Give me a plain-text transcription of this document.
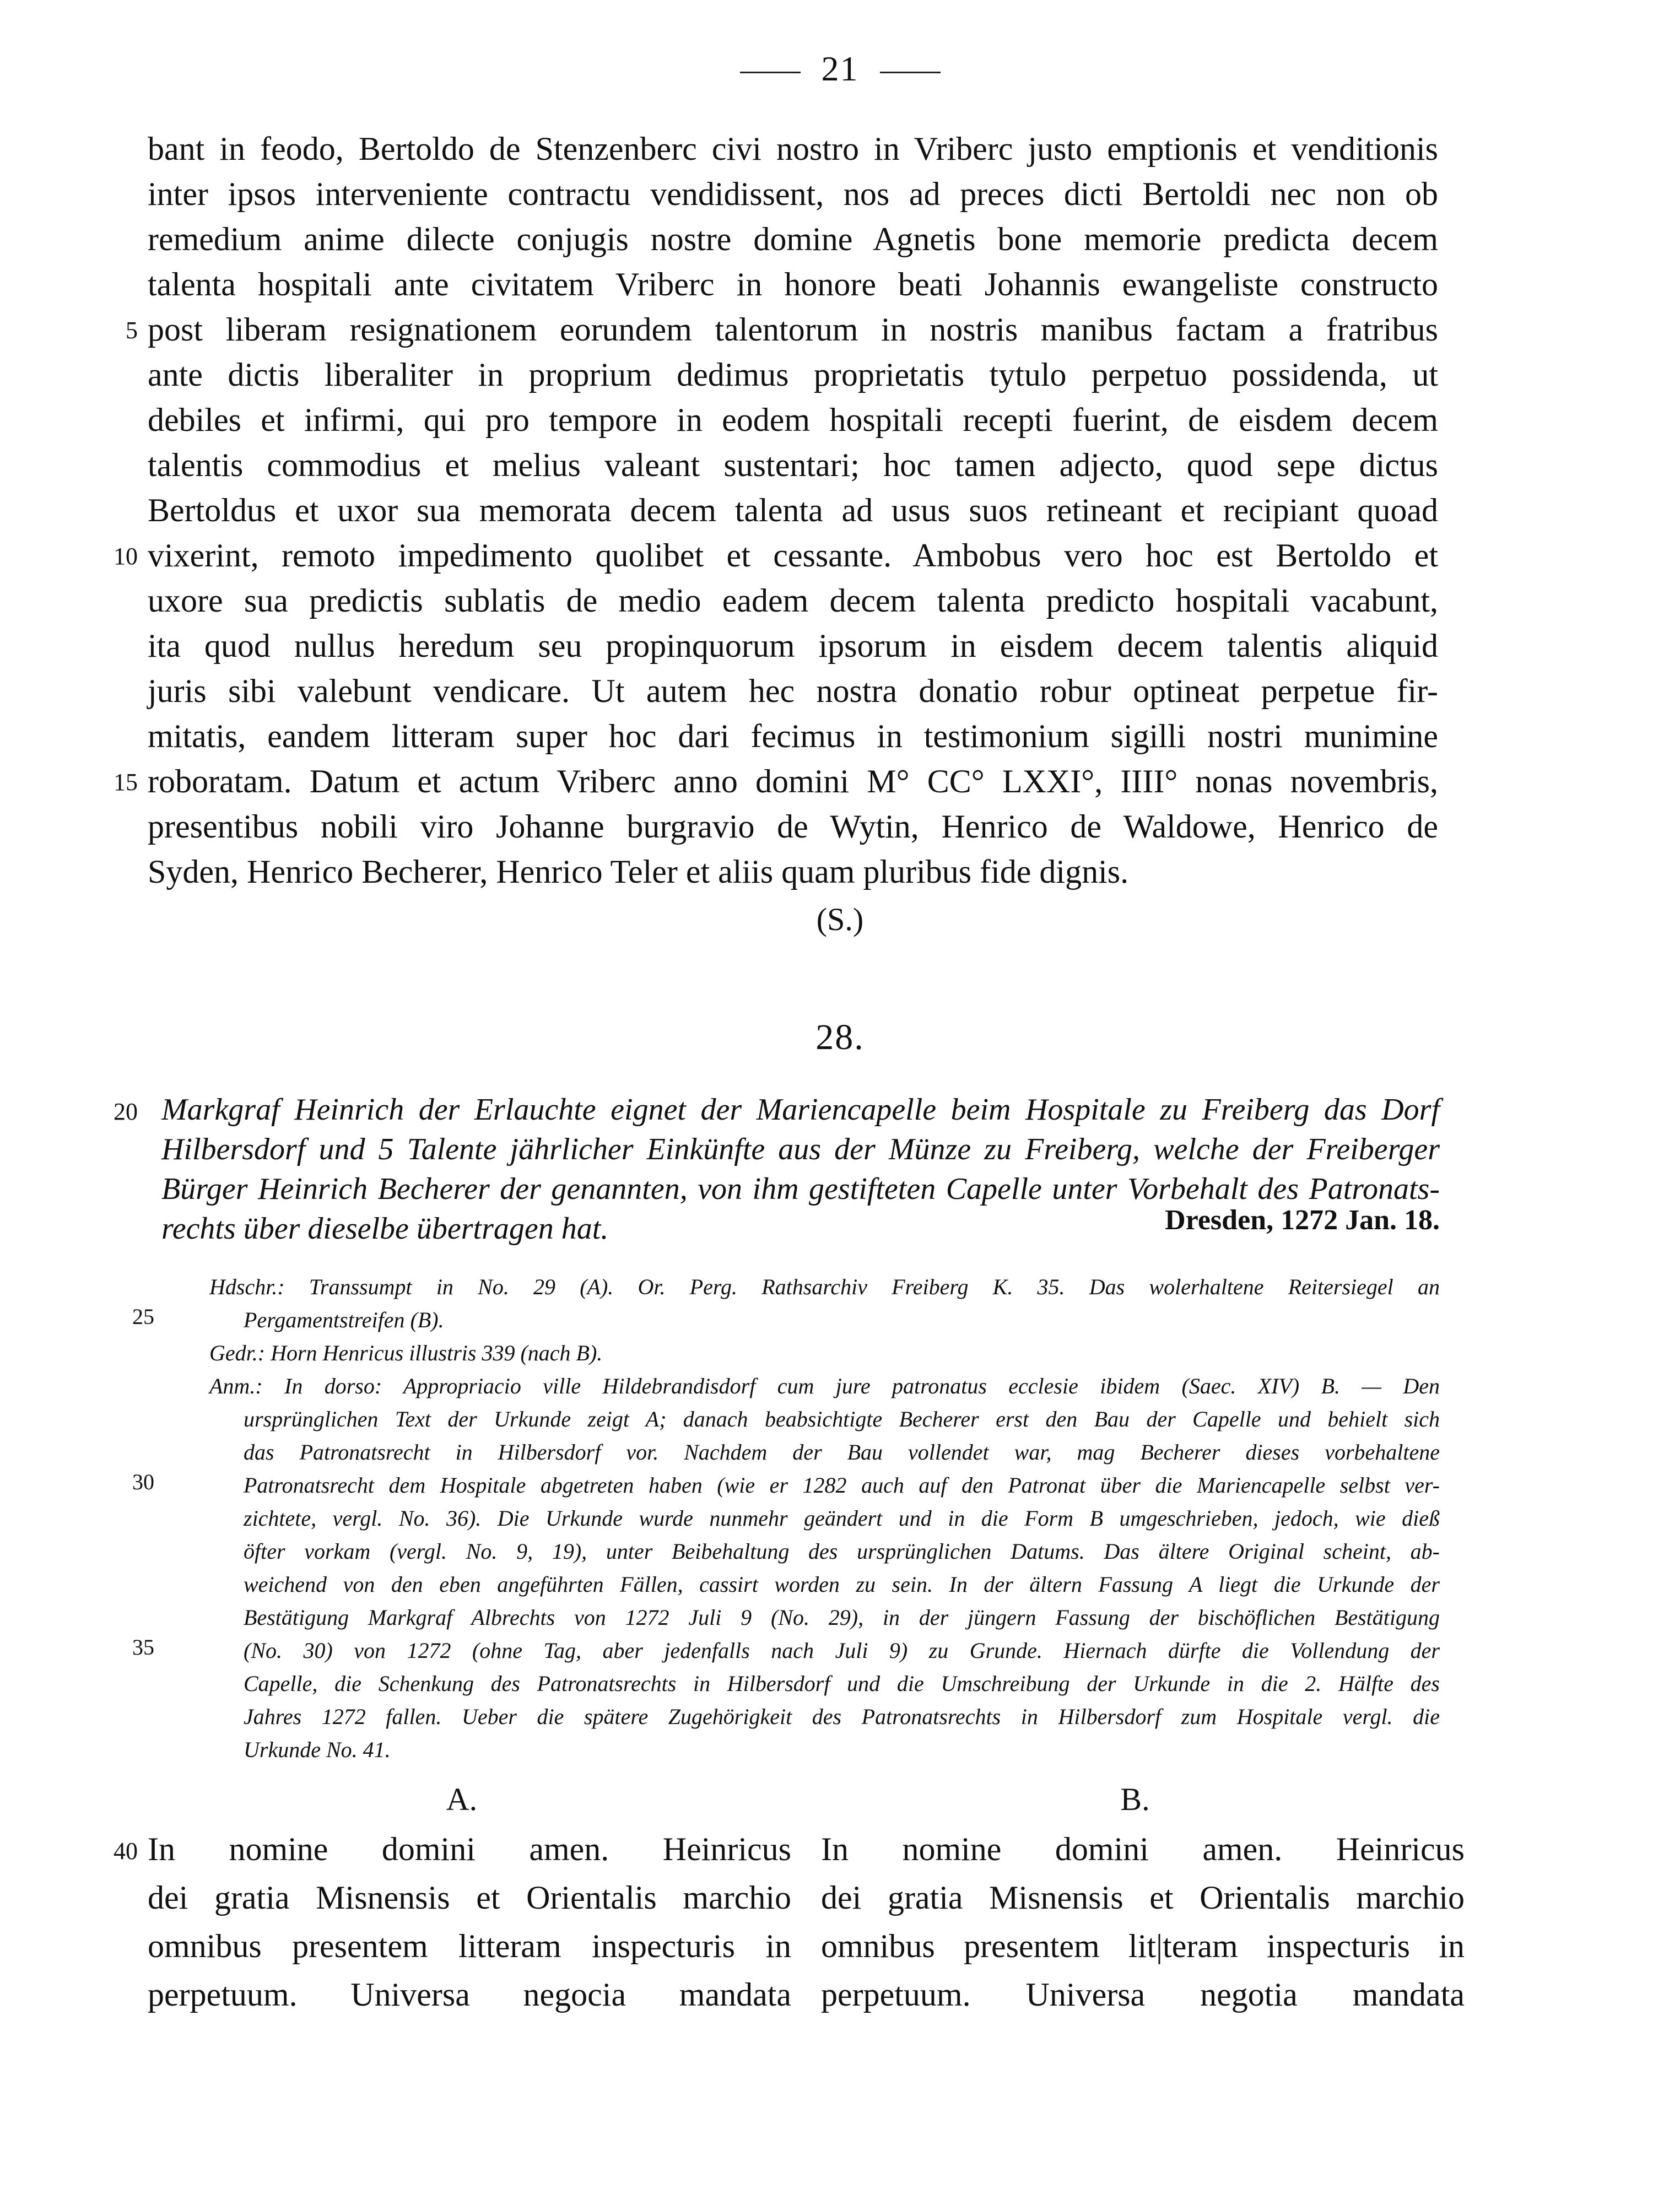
21
bant in feodo, Bertoldo de Stenzenberc civi nostro in Vriberc justo emptionis et venditionis
inter ipsos interveniente contractu vendidissent, nos ad preces dicti Bertoldi nec non ob
remedium anime dilecte conjugis nostre domine Agnetis bone memorie predicta decem
talenta hospitali ante civitatem Vriberc in honore beati Johannis ewangeliste constructo
post liberam resignationem eorundem talentorum in nostris manibus factam a fratribus
ante dictis liberaliter in proprium dedimus proprietatis tytulo perpetuo possidenda, ut
debiles et infirmi, qui pro tempore in eodem hospitali recepti fuerint, de eisdem decem
talentis commodius et melius valeant sustentari; hoc tamen adjecto, quod sepe dictus
Bertoldus et uxor sua memorata decem talenta ad usus suos retineant et recipiant quoad
vixerint, remoto impedimento quolibet et cessante. Ambobus vero hoc est Bertoldo et
uxore sua predictis sublatis de medio eadem decem talenta predicto hospitali vacabunt,
ita quod nullus heredum seu propinquorum ipsorum in eisdem decem talentis aliquid
juris sibi valebunt vendicare. Ut autem hec nostra donatio robur optineat perpetue fir-
mitatis, eandem litteram super hoc dari fecimus in testimonium sigilli nostri munimine
roboratam. Datum et actum Vriberc anno domini M° CC° LXXI°, IIII° nonas novembris,
presentibus nobili viro Johanne burgravio de Wytin, Henrico de Waldowe, Henrico de
Syden, Henrico Becherer, Henrico Teler et aliis quam pluribus fide dignis.
5
10
15
(S.)
28.
20 Markgraf Heinrich der Erlauchte eignet der Mariencapelle beim Hospitale zu Freiberg das Dorf
Hilbersdorf und 5 Talente jährlicher Einkünfte aus der Münze zu Freiberg, welche der Freiberger
Bürger Heinrich Becherer der genannten, von ihm gestifteten Capelle unter Vorbehalt des Patronats-
rechts über dieselbe übertragen hat.	Dresden, 1272 Jan. 18.
Hdschr.: Transsumpt in No. 29 (A). Or. Perg. Rathsarchiv Freiberg K. 35. Das wolerhaltene Reitersiegel an
25	Pergamentstreifen (B).
Gedr.: Horn Henricus illustris 339 (nach B).
Anm.: In dorso: Appropriacio ville Hildebrandisdorf cum jure patronatus ecclesie ibidem (Saec. XIV) B. — Den
ursprünglichen Text der Urkunde zeigt A; danach beabsichtigte Becherer erst den Bau der Capelle und behielt sich
das Patronatsrecht in Hilbersdorf vor. Nachdem der Bau vollendet war, mag Becherer dieses vorbehaltene
30	Patronatsrecht dem Hospitale abgetreten haben (wie er 1282 auch auf den Patronat über die Mariencapelle selbst ver-
zichtete, vergl. No. 36). Die Urkunde wurde nunmehr geändert und in die Form B umgeschrieben, jedoch, wie dieß
öfter vorkam (vergl. No. 9, 19), unter Beibehaltung des ursprünglichen Datums. Das ältere Original scheint, ab-
weichend von den eben angeführten Fällen, cassirt worden zu sein. In der ältern Fassung A liegt die Urkunde der
Bestätigung Markgraf Albrechts von 1272 Juli 9 (No. 29), in der jüngern Fassung der bischöflichen Bestätigung
35	(No. 30) von 1272 (ohne Tag, aber jedenfalls nach Juli 9) zu Grunde. Hiernach dürfte die Vollendung der
Capelle, die Schenkung des Patronatsrechts in Hilbersdorf und die Umschreibung der Urkunde in die 2. Hälfte des
Jahres 1272 fallen. Ueber die spätere Zugehörigkeit des Patronatsrechts in Hilbersdorf zum Hospitale vergl. die
Urkunde No. 41.
A.	B.
40 In nomine domini amen. Heinricus
dei gratia Misnensis et Orientalis marchio
omnibus presentem litteram inspecturis in
perpetuum. Universa negocia mandata
In nomine domini amen. Heinricus
dei gratia Misnensis et Orientalis marchio
omnibus presentem lit|teram inspecturis in
perpetuum. Universa negotia mandata
